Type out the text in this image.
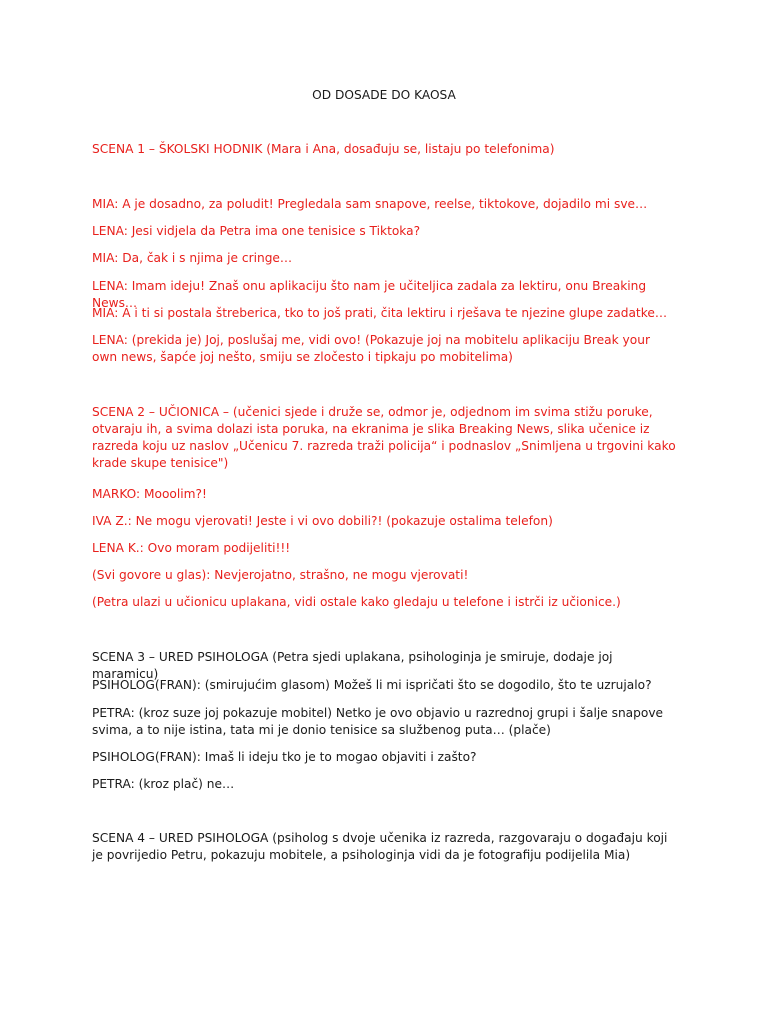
OD DOSADE DO KAOSA
SCENA 1 – ŠKOLSKI HODNIK (Mara i Ana, dosađuju se, listaju po telefonima)
MIA: A je dosadno, za poludit! Pregledala sam snapove, reelse, tiktokove, dojadilo mi sve…
LENA: Jesi vidjela da Petra ima one tenisice s Tiktoka?
MIA: Da, čak i s njima je cringe…
LENA: Imam ideju! Znaš onu aplikaciju što nam je učiteljica zadala za lektiru, onu Breaking News…
MIA: A i ti si postala štreberica, tko to još prati, čita lektiru i rješava te njezine glupe zadatke…
LENA: (prekida je) Joj, poslušaj me, vidi ovo! (Pokazuje joj na mobitelu aplikaciju Break your own news, šapće joj nešto, smiju se zločesto i tipkaju po mobitelima)
SCENA 2 – UČIONICA – (učenici sjede i druže se, odmor je, odjednom im svima stižu poruke, otvaraju ih, a svima dolazi ista poruka, na ekranima je slika Breaking News, slika učenice iz razreda koju uz naslov „Učenicu 7. razreda traži policija“ i podnaslov „Snimljena u trgovini kako krade skupe tenisice")
MARKO: Mooolim?!
IVA Z.: Ne mogu vjerovati! Jeste i vi ovo dobili?! (pokazuje ostalima telefon)
LENA K.: Ovo moram podijeliti!!!
(Svi govore u glas): Nevjerojatno, strašno, ne mogu vjerovati!
(Petra ulazi u učionicu uplakana, vidi ostale kako gledaju u telefone i istrči iz učionice.)
SCENA 3 – URED PSIHOLOGA (Petra sjedi uplakana, psihologinja je smiruje, dodaje joj maramicu)
PSIHOLOG(FRAN): (smirujućim glasom) Možeš li mi ispričati što se dogodilo, što te uzrujalo?
PETRA: (kroz suze joj pokazuje mobitel) Netko je ovo objavio u razrednoj grupi i šalje snapove svima, a to nije istina, tata mi je donio tenisice sa službenog puta… (plače)
PSIHOLOG(FRAN): Imaš li ideju tko je to mogao objaviti i zašto?
PETRA: (kroz plač) ne…
SCENA 4 – URED PSIHOLOGA (psiholog s dvoje učenika iz razreda, razgovaraju o događaju koji je povrijedio Petru, pokazuju mobitele, a psihologinja vidi da je fotografiju podijelila Mia)
